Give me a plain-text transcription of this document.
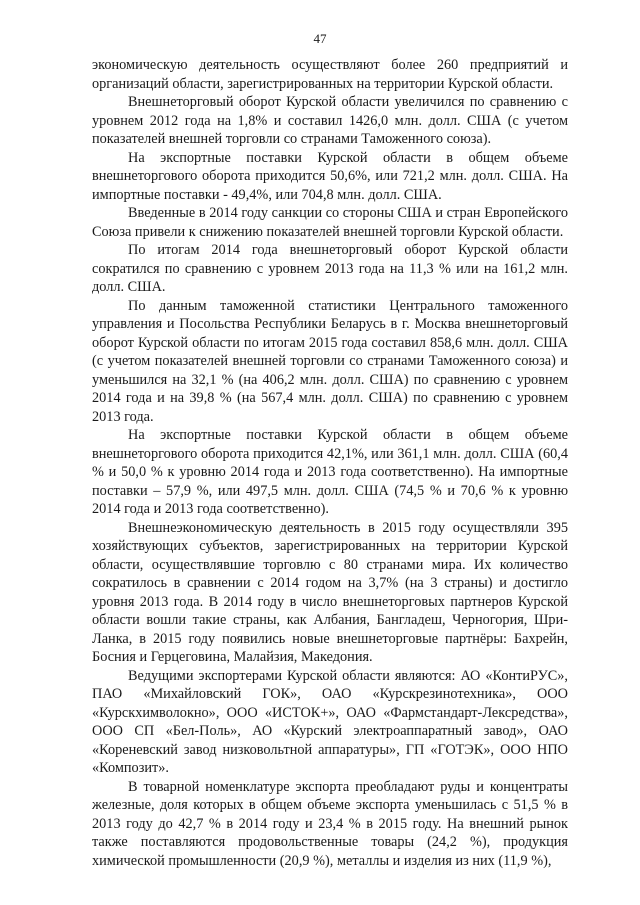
47

экономическую деятельность осуществляют более 260 предприятий и организаций области, зарегистрированных на территории Курской области.

Внешнеторговый оборот Курской области увеличился по сравнению с уровнем 2012 года на 1,8% и составил 1426,0 млн. долл. США (с учетом показателей внешней торговли со странами Таможенного союза).

На экспортные поставки Курской области в общем объеме внешнеторгового оборота приходится 50,6%, или 721,2 млн. долл. США. На импортные поставки - 49,4%, или 704,8 млн. долл. США.

Введенные в 2014 году санкции со стороны США и стран Европейского Союза привели к снижению показателей внешней торговли Курской области.

По итогам 2014 года внешнеторговый оборот Курской области сократился по сравнению с уровнем 2013 года на 11,3 % или на 161,2 млн. долл. США.

По данным таможенной статистики Центрального таможенного управления и Посольства Республики Беларусь в г. Москва внешнеторговый оборот Курской области по итогам 2015 года составил 858,6 млн. долл. США (с учетом показателей внешней торговли со странами Таможенного союза) и уменьшился на 32,1 % (на 406,2 млн. долл. США) по сравнению с уровнем 2014 года и на 39,8 % (на 567,4 млн. долл. США) по сравнению с уровнем 2013 года.

На экспортные поставки Курской области в общем объеме внешнеторгового оборота приходится 42,1%, или 361,1 млн. долл. США (60,4 % и 50,0 % к уровню 2014 года и 2013 года соответственно). На импортные поставки – 57,9 %, или 497,5 млн. долл. США (74,5 % и 70,6 % к уровню 2014 года и 2013 года соответственно).

Внешнеэкономическую деятельность в 2015 году осуществляли 395 хозяйствующих субъектов, зарегистрированных на территории Курской области, осуществлявшие торговлю с 80 странами мира. Их количество сократилось в сравнении с 2014 годом на 3,7% (на 3 страны) и достигло уровня 2013 года. В 2014 году в число внешнеторговых партнеров Курской области вошли такие страны, как Албания, Бангладеш, Черногория, Шри-Ланка, в 2015 году появились новые внешнеторговые партнёры: Бахрейн, Босния и Герцеговина, Малайзия, Македония.

Ведущими экспортерами Курской области являются: АО «КонтиРУС», ПАО «Михайловский ГОК», ОАО «Курскрезинотехника», ООО «Курскхимволокно», ООО «ИСТОК+», ОАО «Фармстандарт-Лексредства», ООО СП «Бел-Поль», АО «Курский электроаппаратный завод», ОАО «Кореневский завод низковольтной аппаратуры», ГП «ГОТЭК», ООО НПО «Композит».

В товарной номенклатуре экспорта преобладают руды и концентраты железные, доля которых в общем объеме экспорта уменьшилась с 51,5 % в 2013 году до 42,7 % в 2014 году и 23,4 % в 2015 году. На внешний рынок также поставляются продовольственные товары (24,2 %), продукция химической промышленности (20,9 %), металлы и изделия из них (11,9 %),
